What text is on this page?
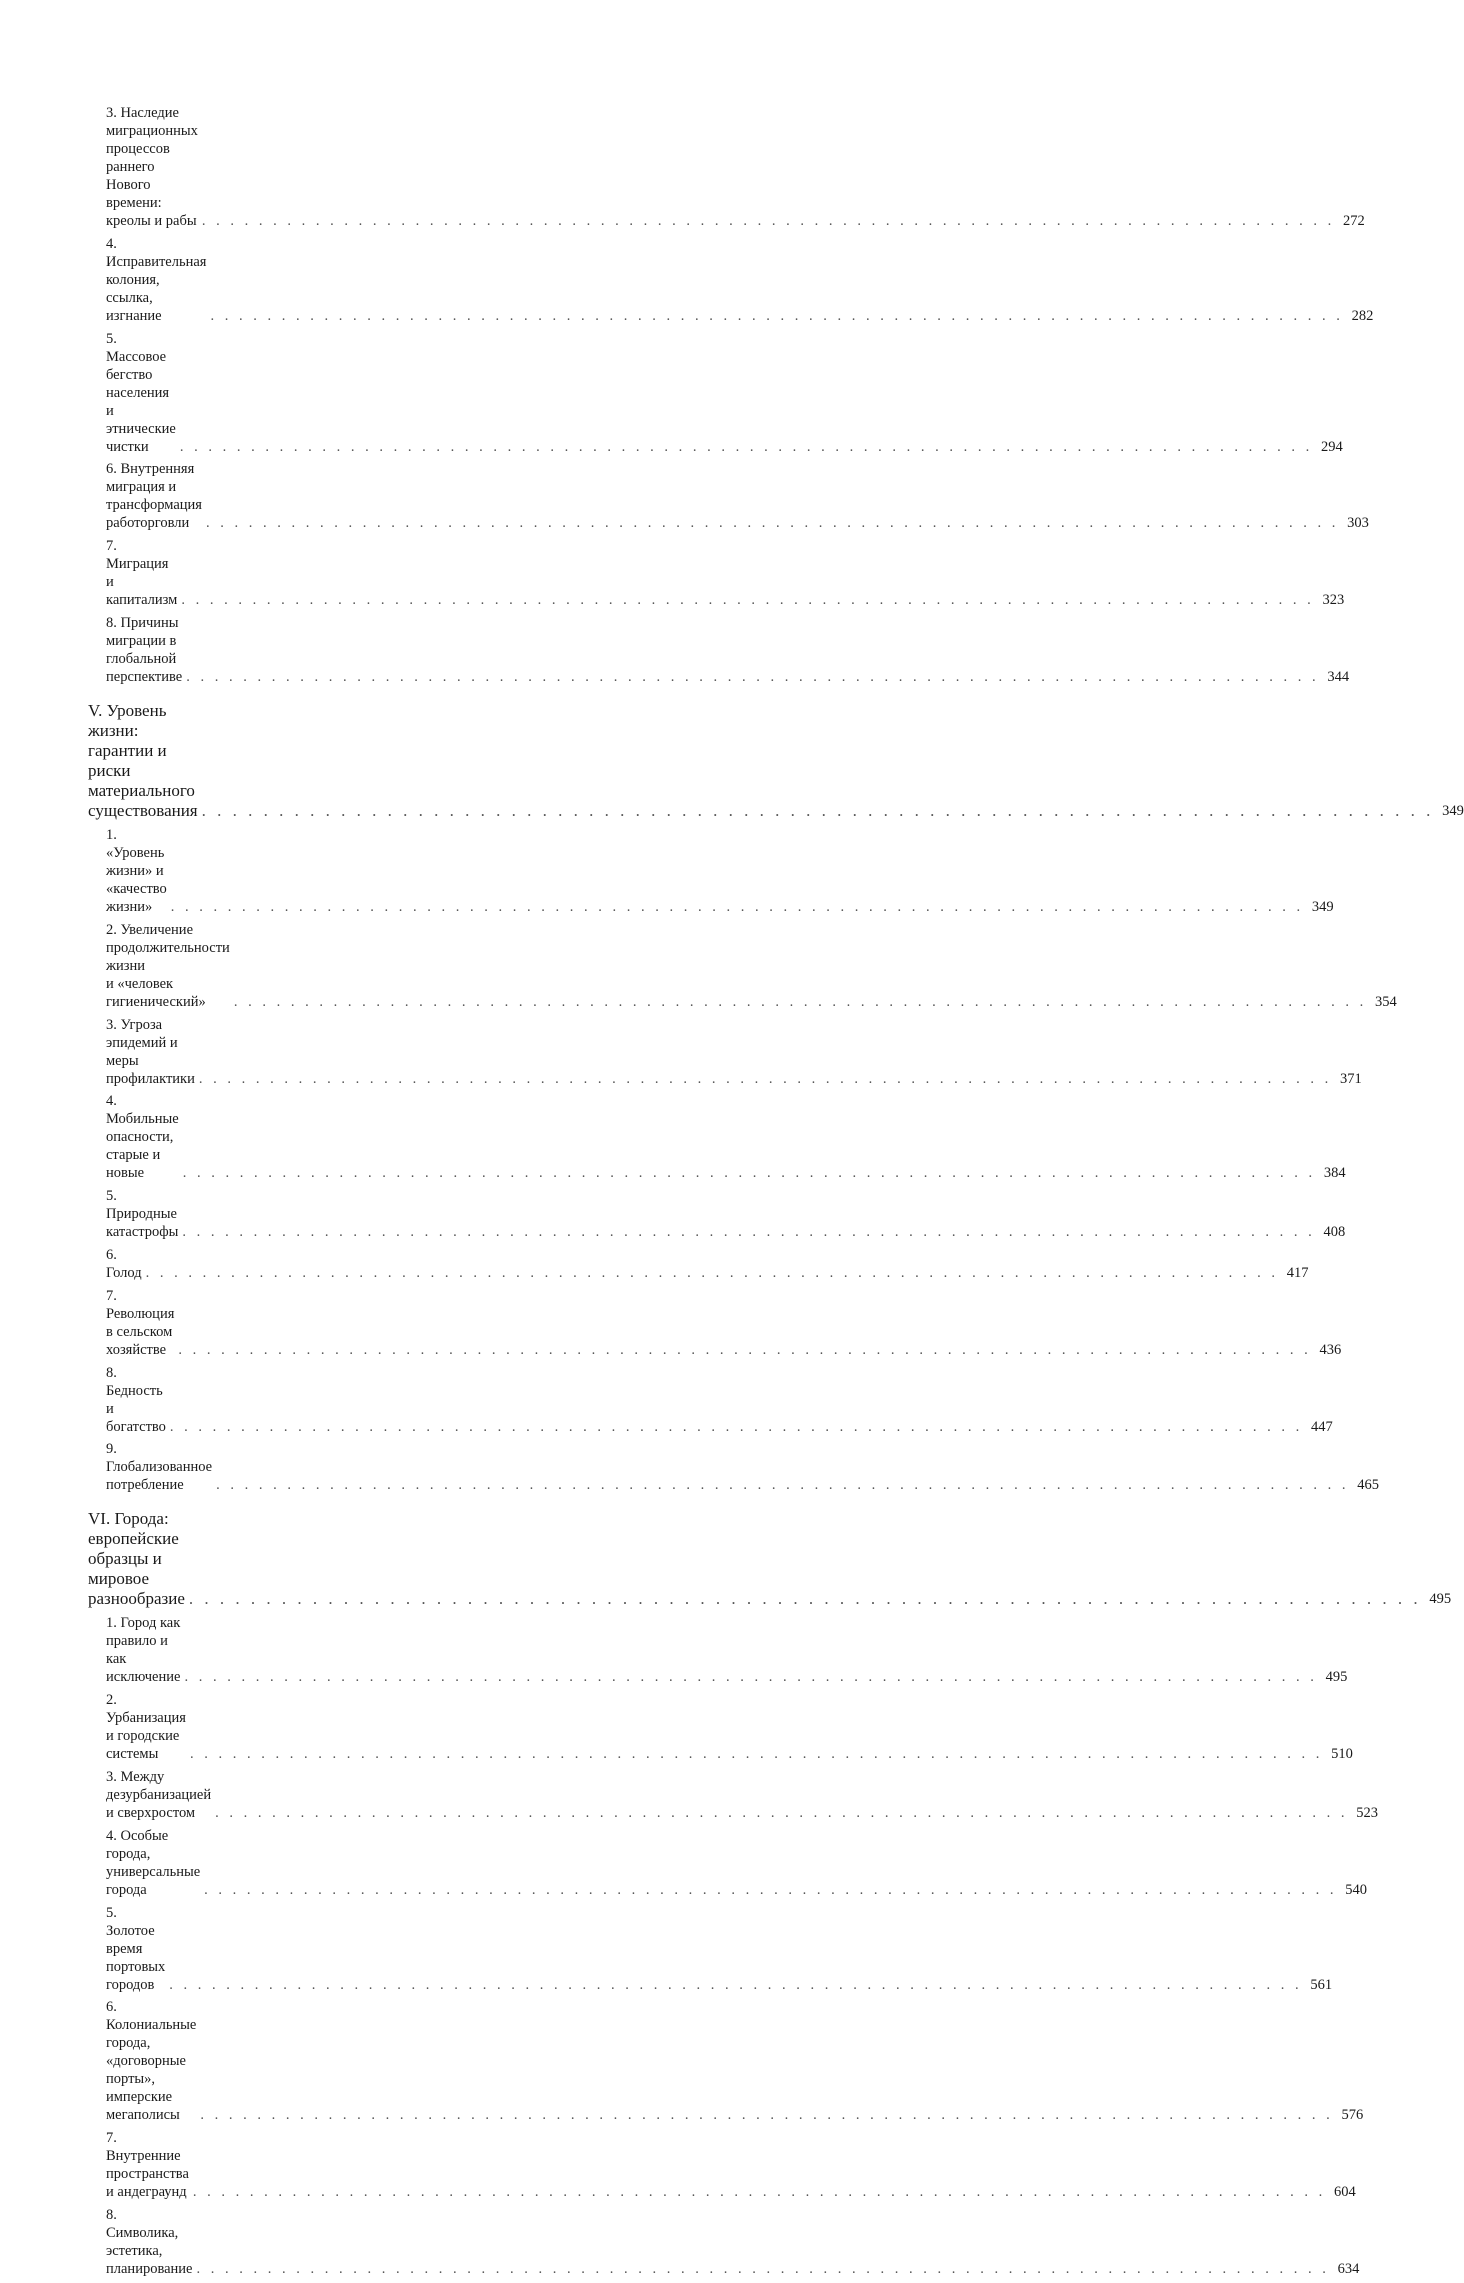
3. Наследие миграционных процессов
раннего Нового времени: креолы и рабы . . .	272
4. Исправительная колония, ссылка, изгнание . . .	282
5. Массовое бегство населения и этнические чистки . . .	294
6. Внутренняя миграция и трансформация работорговли . . .	303
7. Миграция и капитализм . . .	323
8. Причины миграции в глобальной перспективе . . .	344
V. Уровень жизни: гарантии и риски
материального существования . . .	349
1. «Уровень жизни» и «качество жизни» . . .	349
2. Увеличение продолжительности жизни
и «человек гигиенический» . . .	354
3. Угроза эпидемий и меры профилактики . . .	371
4. Мобильные опасности, старые и новые . . .	384
5. Природные катастрофы . . .	408
6. Голод . . .	417
7. Революция в сельском хозяйстве . . .	436
8. Бедность и богатство . . .	447
9. Глобализованное потребление . . .	465
VI. Города: европейские образцы и мировое разнообразие . . .	495
1. Город как правило и как исключение . . .	495
2. Урбанизация и городские системы . . .	510
3. Между дезурбанизацией и сверхростом . . .	523
4. Особые города, универсальные города . . .	540
5. Золотое время портовых городов . . .	561
6. Колониальные города, «договорные порты»,
имперские мегаполисы . . .	576
7. Внутренние пространства и андеграунд . . .	604
8. Символика, эстетика, планирование . . .	634
